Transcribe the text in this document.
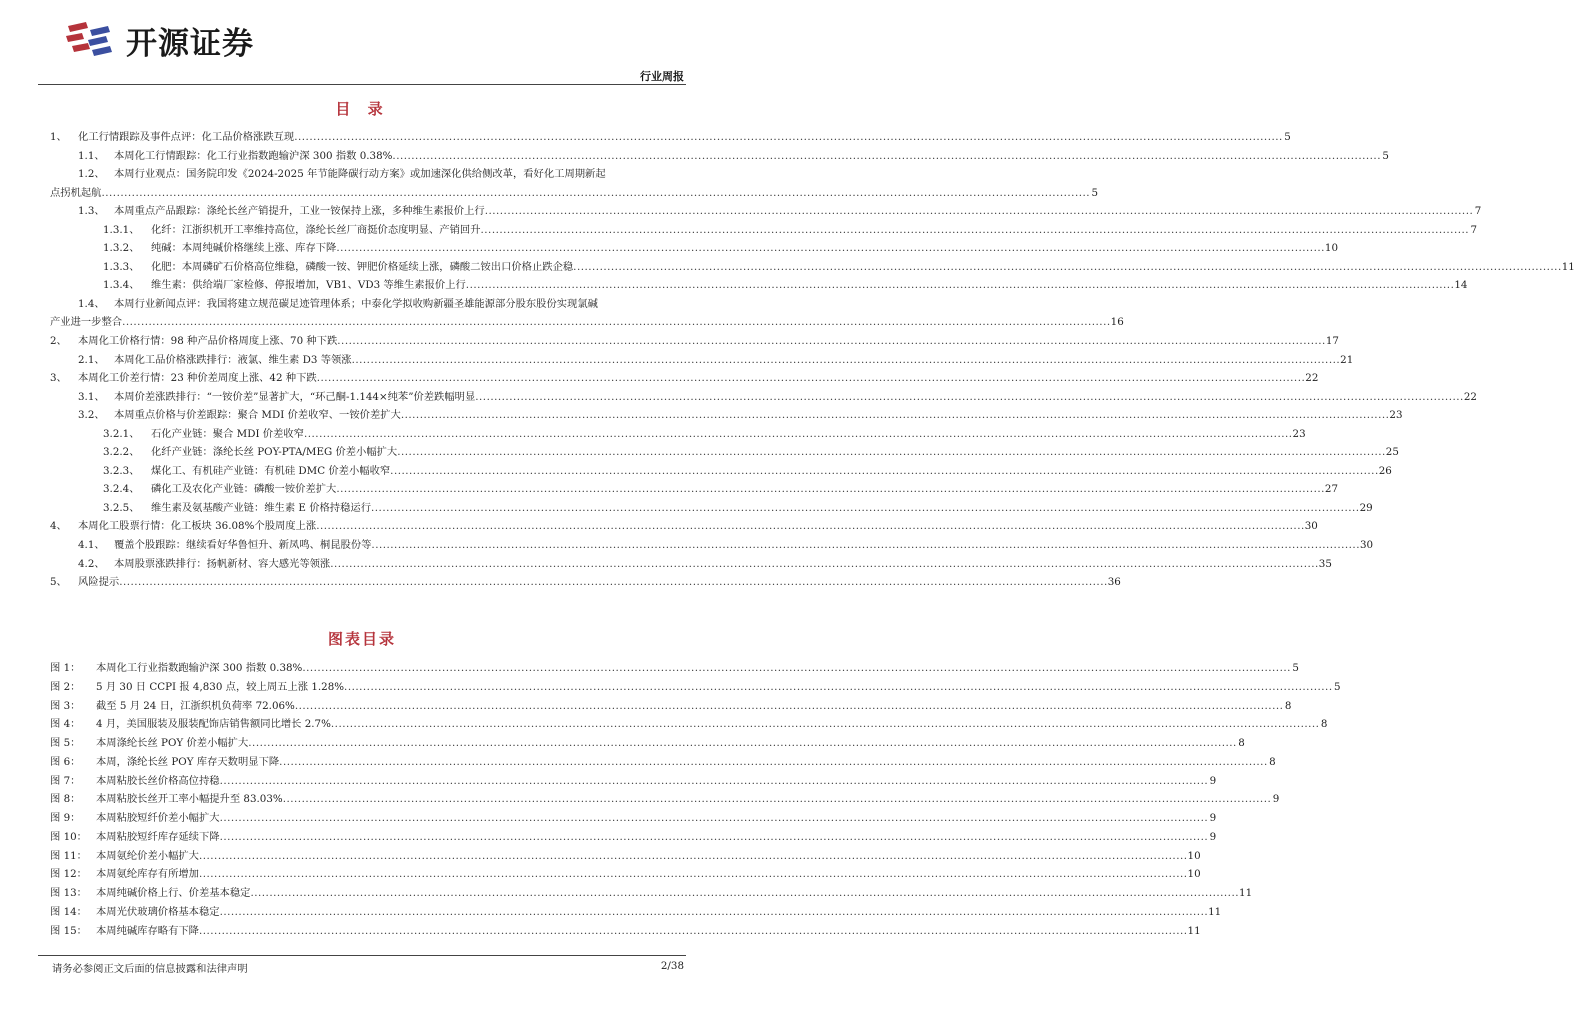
开源证券
行业周报
目 录
1、	化工行情跟踪及事件点评：化工品价格涨跌互现 .....	5
1.1、 本周化工行情跟踪：化工行业指数跑输沪深 300 指数 0.38% .....	5
1.2、 本周行业观点：国务院印发《2024-2025 年节能降碳行动方案》或加速深化供给侧改革，看好化工周期新起
点拐机起航 .....	5
1.3、 本周重点产品跟踪：涤纶长丝产销提升，工业一铵保持上涨，多种维生素报价上行 .....	7
1.3.1、	化纤：江浙织机开工率维持高位，涤纶长丝厂商挺价态度明显、产销回升 .....	7
1.3.2、	纯碱：本周纯碱价格继续上涨、库存下降 .....	10
1.3.3、	化肥：本周磷矿石价格高位维稳，磷酸一铵、钾肥价格延续上涨，磷酸二铵出口价格止跌企稳 .....	11
1.3.4、	维生素：供给端厂家检修、停报增加，VB1、VD3 等维生素报价上行 .....	14
1.4、 本周行业新闻点评：我国将建立规范碳足迹管理体系；中泰化学拟收购新疆圣雄能源部分股东股份实现氯碱
产业进一步整合 .....	16
2、	本周化工价格行情：98 种产品价格周度上涨、70 种下跌 .....	17
2.1、 本周化工品价格涨跌排行：液氯、维生素 D3 等领涨 .....	21
3、	本周化工价差行情：23 种价差周度上涨、42 种下跌 .....	22
3.1、 本周价差涨跌排行：“一铵价差”显著扩大，“环己酮-1.144×纯苯”价差跌幅明显 .....	22
3.2、 本周重点价格与价差跟踪：聚合 MDI 价差收窄、一铵价差扩大 .....	23
3.2.1、	石化产业链：聚合 MDI 价差收窄 .....	23
3.2.2、	化纤产业链：涤纶长丝 POY-PTA/MEG 价差小幅扩大 .....	25
3.2.3、	煤化工、有机硅产业链：有机硅 DMC 价差小幅收窄 .....	26
3.2.4、	磷化工及农化产业链：磷酸一铵价差扩大 .....	27
3.2.5、	维生素及氨基酸产业链：维生素 E 价格持稳运行 .....	29
4、	本周化工股票行情：化工板块 36.08%个股周度上涨 .....	30
4.1、 覆盖个股跟踪：继续看好华鲁恒升、新凤鸣、桐昆股份等 .....	30
4.2、 本周股票涨跌排行：扬帆新材、容大感光等领涨 .....	35
5、	风险提示 .....	36
图表目录
图 1：	本周化工行业指数跑输沪深 300 指数 0.38% .....	5
图 2：	5 月 30 日 CCPI 报 4,830 点，较上周五上涨 1.28% .....	5
图 3：	截至 5 月 24 日，江浙织机负荷率 72.06% .....	8
图 4：	4 月，美国服装及服装配饰店销售额同比增长 2.7% .....	8
图 5：	本周涤纶长丝 POY 价差小幅扩大 .....	8
图 6：	本周，涤纶长丝 POY 库存天数明显下降 .....	8
图 7：	本周粘胶长丝价格高位持稳 .....	9
图 8：	本周粘胶长丝开工率小幅提升至 83.03% .....	9
图 9：	本周粘胶短纤价差小幅扩大 .....	9
图 10： 本周粘胶短纤库存延续下降 .....	9
图 11： 本周氨纶价差小幅扩大 .....	10
图 12： 本周氨纶库存有所增加 .....	10
图 13： 本周纯碱价格上行、价差基本稳定 .....	11
图 14： 本周光伏玻璃价格基本稳定 .....	11
图 15： 本周纯碱库存略有下降 .....	11
请务必参阅正文后面的信息披露和法律声明	2/38
